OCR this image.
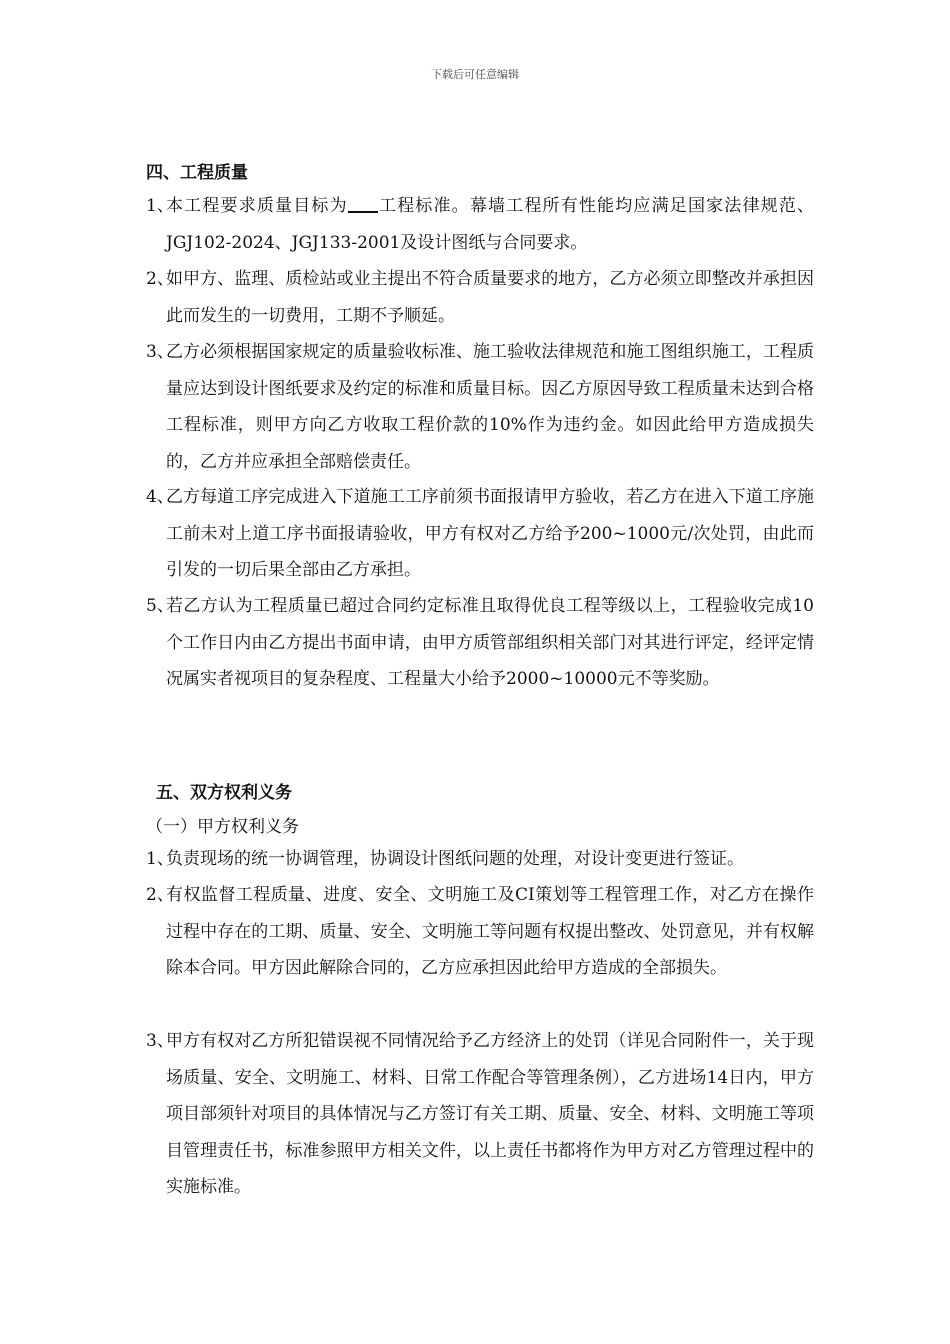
下载后可任意编辑
四、工程质量
1、
本工程要求质量目标为 工程标准。幕墙工程所有性能均应满足国家法律规范、JGJ102-2024、JGJ133-2001及设计图纸与合同要求。
2、
如甲方、监理、质检站或业主提出不符合质量要求的地方，乙方必须立即整改并承担因此而发生的一切费用，工期不予顺延。
3、
乙方必须根据国家规定的质量验收标准、施工验收法律规范和施工图组织施工，工程质量应达到设计图纸要求及约定的标准和质量目标。因乙方原因导致工程质量未达到合格工程标准，则甲方向乙方收取工程价款的10%作为违约金。如因此给甲方造成损失的，乙方并应承担全部赔偿责任。
4、
乙方每道工序完成进入下道施工工序前须书面报请甲方验收，若乙方在进入下道工序施工前未对上道工序书面报请验收，甲方有权对乙方给予200~1000元/次处罚，由此而引发的一切后果全部由乙方承担。
5、
若乙方认为工程质量已超过合同约定标准且取得优良工程等级以上，工程验收完成10个工作日内由乙方提出书面申请，由甲方质管部组织相关部门对其进行评定，经评定情况属实者视项目的复杂程度、工程量大小给予2000~10000元不等奖励。
五、双方权利义务
（一）甲方权利义务
1、
负责现场的统一协调管理，协调设计图纸问题的处理，对设计变更进行签证。
2、
有权监督工程质量、进度、安全、文明施工及CI策划等工程管理工作，对乙方在操作过程中存在的工期、质量、安全、文明施工等问题有权提出整改、处罚意见，并有权解除本合同。甲方因此解除合同的，乙方应承担因此给甲方造成的全部损失。
3、
甲方有权对乙方所犯错误视不同情况给予乙方经济上的处罚（详见合同附件一，关于现场质量、安全、文明施工、材料、日常工作配合等管理条例），乙方进场14日内，甲方项目部须针对项目的具体情况与乙方签订有关工期、质量、安全、材料、文明施工等项目管理责任书，标准参照甲方相关文件，以上责任书都将作为甲方对乙方管理过程中的实施标准。
